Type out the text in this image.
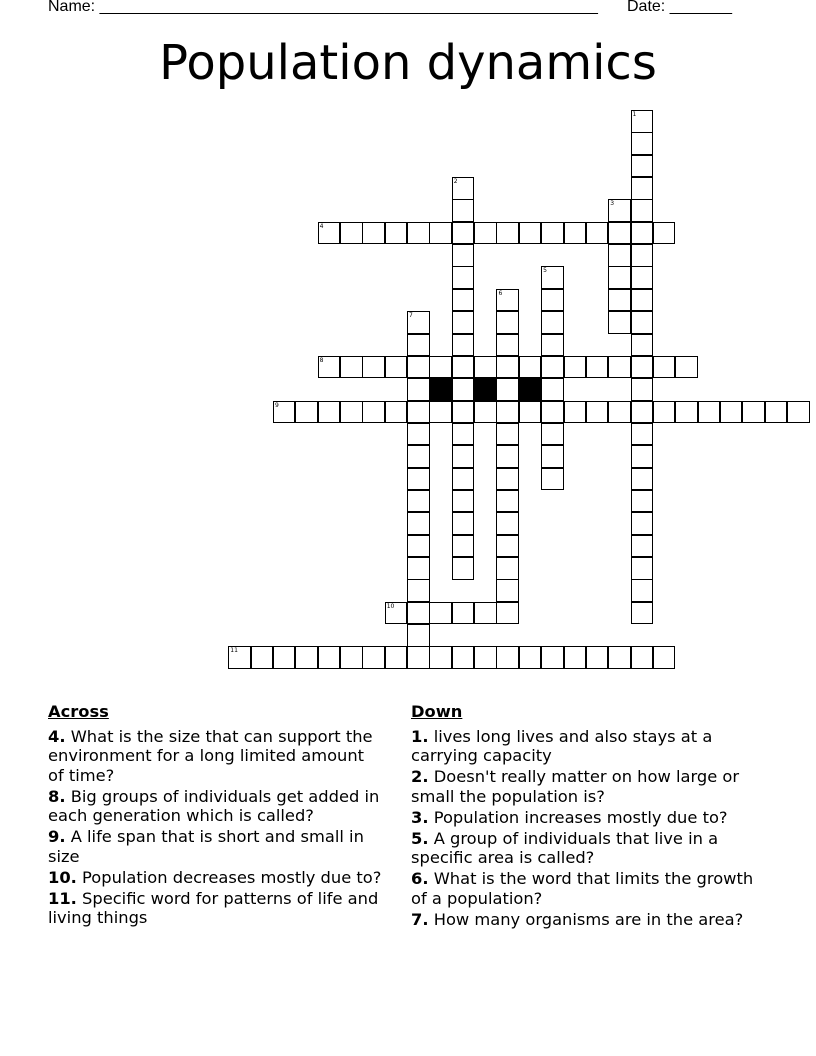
Name: ________________________________________________________ Date: _______
Population dynamics
1
2
3
4
5
6
7
8
9
10
11
Across
4. What is the size that can support the environment for a long limited amount of time?
8. Big groups of individuals get added in each generation which is called?
9. A life span that is short and small in size
10. Population decreases mostly due to?
11. Specific word for patterns of life and living things
Down
1. lives long lives and also stays at a carrying capacity
2. Doesn't really matter on how large or small the population is?
3. Population increases mostly due to?
5. A group of individuals that live in a specific area is called?
6. What is the word that limits the growth of a population?
7. How many organisms are in the area?
